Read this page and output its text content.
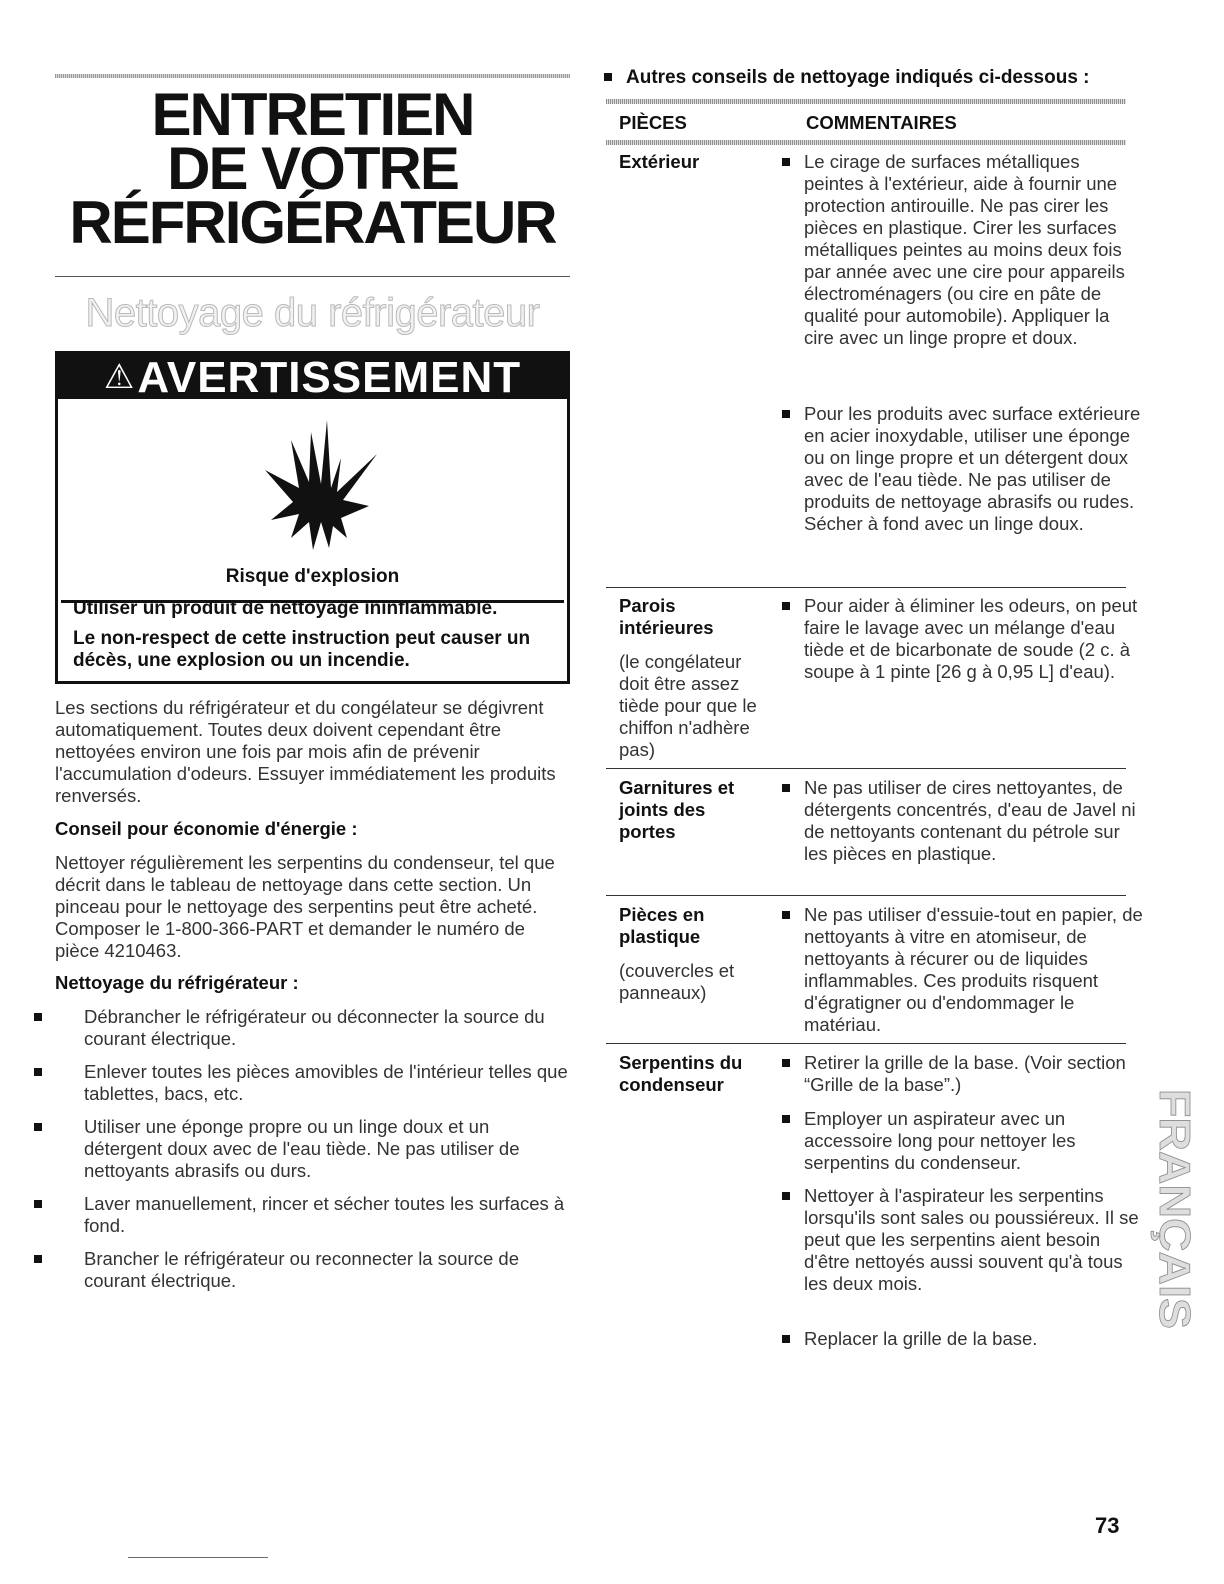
ENTRETIEN
DE VOTRE
RÉFRIGÉRATEUR
Nettoyage du réfrigérateur
⚠AVERTISSEMENT
Risque d'explosion
Utiliser un produit de nettoyage ininflammable.
Le non-respect de cette instruction peut causer un décès, une explosion ou un incendie.
Les sections du réfrigérateur et du congélateur se dégivrent automatiquement. Toutes deux doivent cependant être nettoyées environ une fois par mois afin de prévenir l'accumulation d'odeurs. Essuyer immédiatement les produits renversés.
Conseil pour économie d'énergie :
Nettoyer régulièrement les serpentins du condenseur, tel que décrit dans le tableau de nettoyage dans cette section. Un pinceau pour le nettoyage des serpentins peut être acheté. Composer le 1-800-366-PART et demander le numéro de pièce 4210463.
Nettoyage du réfrigérateur :
Débrancher le réfrigérateur ou déconnecter la source du courant électrique.
Enlever toutes les pièces amovibles de l'intérieur telles que tablettes, bacs, etc.
Utiliser une éponge propre ou un linge doux et un détergent doux avec de l'eau tiède. Ne pas utiliser de nettoyants abrasifs ou durs.
Laver manuellement, rincer et sécher toutes les surfaces à fond.
Brancher le réfrigérateur ou reconnecter la source de courant électrique.
Autres conseils de nettoyage indiqués ci-dessous :
PIÈCES	COMMENTAIRES
Extérieur	Le cirage de surfaces métalliques peintes à l'extérieur, aide à fournir une protection antirouille. Ne pas cirer les pièces en plastique. Cirer les surfaces métalliques peintes au moins deux fois par année avec une cire pour appareils électroménagers (ou cire en pâte de qualité pour automobile). Appliquer la cire avec un linge propre et doux.
Pour les produits avec surface extérieure en acier inoxydable, utiliser une éponge ou on linge propre et un détergent doux avec de l'eau tiède. Ne pas utiliser de produits de nettoyage abrasifs ou rudes. Sécher à fond avec un linge doux.
Parois intérieures
(le congélateur doit être assez tiède pour que le chiffon n'adhère pas)
Pour aider à éliminer les odeurs, on peut faire le lavage avec un mélange d'eau tiède et de bicarbonate de soude (2 c. à soupe à 1 pinte [26 g à 0,95 L] d'eau).
Garnitures et joints des portes
Ne pas utiliser de cires nettoyantes, de détergents concentrés, d'eau de Javel ni de nettoyants contenant du pétrole sur les pièces en plastique.
Pièces en plastique
(couvercles et panneaux)
Ne pas utiliser d'essuie-tout en papier, de nettoyants à vitre en atomiseur, de nettoyants à récurer ou de liquides inflammables. Ces produits risquent d'égratigner ou d'endommager le matériau.
Serpentins du condenseur
Retirer la grille de la base. (Voir section “Grille de la base”.)
Employer un aspirateur avec un accessoire long pour nettoyer les serpentins du condenseur.
Nettoyer à l'aspirateur les serpentins lorsqu'ils sont sales ou poussiéreux. Il se peut que les serpentins aient besoin d'être nettoyés aussi souvent qu'à tous les deux mois.
Replacer la grille de la base.
FRANÇAIS
73
